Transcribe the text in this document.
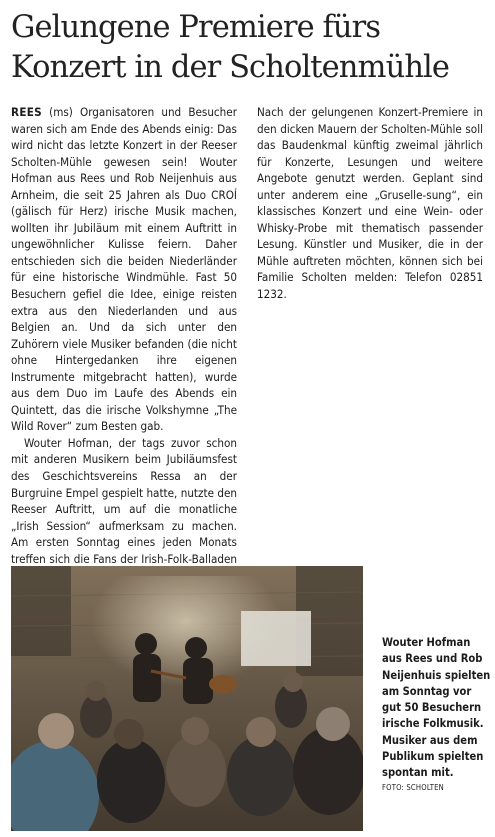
Gelungene Premiere fürs Konzert in der Scholtenmühle

REES (ms) Organisatoren und Besucher waren sich am Ende des Abends einig: Das wird nicht das letzte Konzert in der Reeser Scholten-Mühle gewesen sein! Wouter Hofman aus Rees und Rob Neijenhuis aus Arnheim, die seit 25 Jahren als Duo CROÍ (gälisch für Herz) irische Musik machen, wollten ihr Jubiläum mit einem Auftritt in ungewöhnlicher Kulisse feiern. Daher entschieden sich die beiden Niederländer für eine historische Windmühle. Fast 50 Besuchern gefiel die Idee, einige reisten extra aus den Niederlanden und aus Belgien an. Und da sich unter den Zuhörern viele Musiker befanden (die nicht ohne Hintergedanken ihre eigenen Instrumente mitgebracht hatten), wurde aus dem Duo im Laufe des Abends ein Quintett, das die irische Volkshymne „The Wild Rover“ zum Besten gab.

Wouter Hofman, der tags zuvor schon mit anderen Musikern beim Jubiläumsfest des Geschichtsvereins Ressa an der Burgruine Empel gespielt hatte, nutzte den Reeser Auftritt, um auf die monatliche „Irish Session“ aufmerksam zu machen. Am ersten Sonntag eines jeden Monats treffen sich die Fans der Irish-Folk-Balladen

Nach der gelungenen Konzert-Premiere in den dicken Mauern der Scholten-Mühle soll das Baudenkmal künftig zweimal jährlich für Konzerte, Lesungen und weitere Angebote genutzt werden. Geplant sind unter anderem eine „Gruselle-sung“, ein klassisches Konzert und eine Wein- oder Whisky-Probe mit thematisch passender Lesung. Künstler und Musiker, die in der Mühle auftreten möchten, können sich bei Familie Scholten melden: Telefon 02851 1232.

Wouter Hofman aus Rees und Rob Neijenhuis spielten am Sonntag vor gut 50 Besuchern irische Folkmusik. Musiker aus dem Publikum spielten spontan mit.
FOTO: SCHOLTEN
